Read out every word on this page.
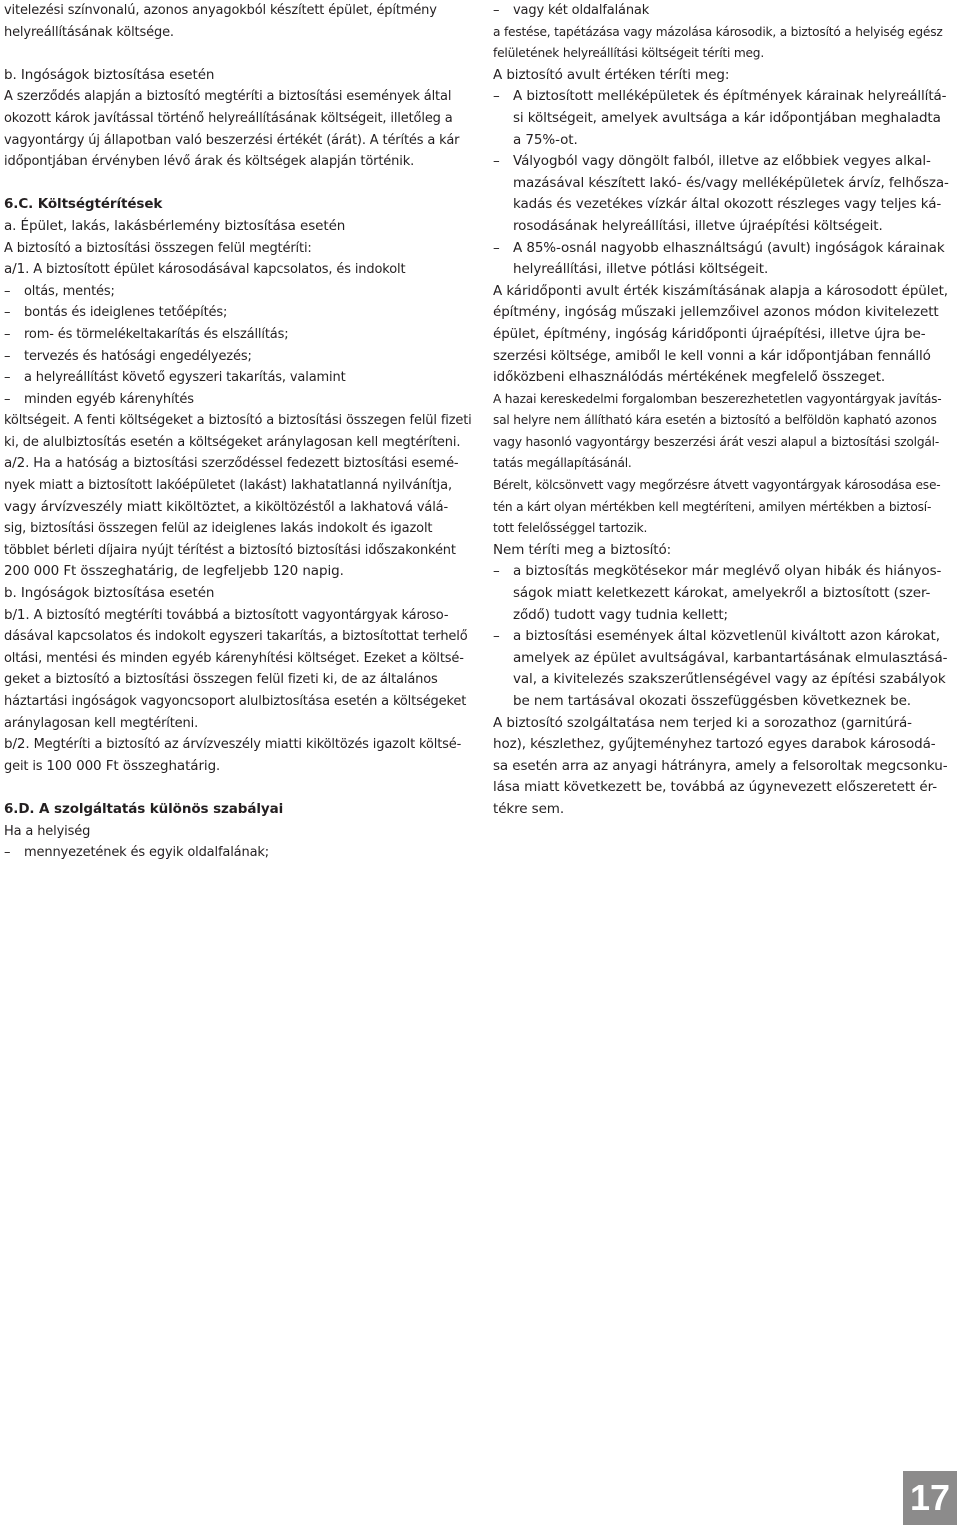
vitelezési színvonalú, azonos anyagokból készített épület, építmény

helyreállításának költsége.

b. Ingóságok biztosítása esetén

A szerződés alapján a biztosító megtéríti a biztosítási események által

okozott károk javítással történő helyreállításának költségeit, illetőleg a

vagyontárgy új állapotban való beszerzési értékét (árát). A térítés a kár

időpontjában érvényben lévő árak és költségek alapján történik.

6.C. Költségtérítések

a. Épület, lakás, lakásbérlemény biztosítása esetén

A biztosító a biztosítási összegen felül megtéríti:

a/1. A biztosított épület károsodásával kapcsolatos, és indokolt

– oltás, mentés;

– bontás és ideiglenes tetőépítés;

– rom- és törmelékeltakarítás és elszállítás;

– tervezés és hatósági engedélyezés;

– a helyreállítást követő egyszeri takarítás, valamint

– minden egyéb kárenyhítés

költségeit. A fenti költségeket a biztosító a biztosítási összegen felül fizeti

ki, de alulbiztosítás esetén a költségeket aránylagosan kell megtéríteni.

a/2. Ha a hatóság a biztosítási szerződéssel fedezett biztosítási esemé-

nyek miatt a biztosított lakóépületet (lakást) lakhatatlanná nyilvánítja,

vagy árvízveszély miatt kiköltöztet, a kiköltözéstől a lakhatová válá-

sig, biztosítási összegen felül az ideiglenes lakás indokolt és igazolt

többlet bérleti díjaira nyújt térítést a biztosító biztosítási időszakonként

200 000 Ft összeghatárig, de legfeljebb 120 napig.

b. Ingóságok biztosítása esetén

b/1. A biztosító megtéríti továbbá a biztosított vagyontárgyak károso-

dásával kapcsolatos és indokolt egyszeri takarítás, a biztosítottat terhelő

oltási, mentési és minden egyéb kárenyhítési költséget. Ezeket a költsé-

geket a biztosító a biztosítási összegen felül fizeti ki, de az általános

háztartási ingóságok vagyoncsoport alulbiztosítása esetén a költségeket

aránylagosan kell megtéríteni.

b/2. Megtéríti a biztosító az árvízveszély miatti kiköltözés igazolt költsé-

geit is 100 000 Ft összeghatárig.

6.D. A szolgáltatás különös szabályai

Ha a helyiség

– mennyezetének és egyik oldalfalának;

– vagy két oldalfalának

a festése, tapétázása vagy mázolása károsodik, a biztosító a helyiség egész

felületének helyreállítási költségeit téríti meg.

A biztosító avult értéken téríti meg:

– A biztosított melléképületek és építmények kárainak helyreállítá-

si költségeit, amelyek avultsága a kár időpontjában meghaladta

a 75%-ot.

– Vályogból vagy döngölt falból, illetve az előbbiek vegyes alkal-

mazásával készített lakó- és/vagy melléképületek árvíz, felhősza-

kadás és vezetékes vízkár által okozott részleges vagy teljes ká-

rosodásának helyreállítási, illetve újraépítési költségeit.

– A 85%-osnál nagyobb elhasználtságú (avult) ingóságok kárainak

helyreállítási, illetve pótlási költségeit.

A káridőponti avult érték kiszámításának alapja a károsodott épület,

építmény, ingóság műszaki jellemzőivel azonos módon kivitelezett

épület, építmény, ingóság káridőponti újraépítési, illetve újra be-

szerzési költsége, amiből le kell vonni a kár időpontjában fennálló

időközbeni elhasználódás mértékének megfelelő összeget.

A hazai kereskedelmi forgalomban beszerezhetetlen vagyontárgyak javítás-

sal helyre nem állítható kára esetén a biztosító a belföldön kapható azonos

vagy hasonló vagyontárgy beszerzési árát veszi alapul a biztosítási szolgál-

tatás megállapításánál.

Bérelt, kölcsönvett vagy megőrzésre átvett vagyontárgyak károsodása ese-

tén a kárt olyan mértékben kell megtéríteni, amilyen mértékben a biztosí-

tott felelősséggel tartozik.

Nem téríti meg a biztosító:

– a biztosítás megkötésekor már meglévő olyan hibák és hiányos-

ságok miatt keletkezett károkat, amelyekről a biztosított (szer-

ződő) tudott vagy tudnia kellett;

– a biztosítási események által közvetlenül kiváltott azon károkat,

amelyek az épület avultságával, karbantartásának elmulasztásá-

val, a kivitelezés szakszerűtlenségével vagy az építési szabályok

be nem tartásával okozati összefüggésben következnek be.

A biztosító szolgáltatása nem terjed ki a sorozathoz (garnitúrá-

hoz), készlethez, gyűjteményhez tartozó egyes darabok károsodá-

sa esetén arra az anyagi hátrányra, amely a felsoroltak megcsonku-

lása miatt következett be, továbbá az úgynevezett előszeretett ér-

tékre sem.

17
